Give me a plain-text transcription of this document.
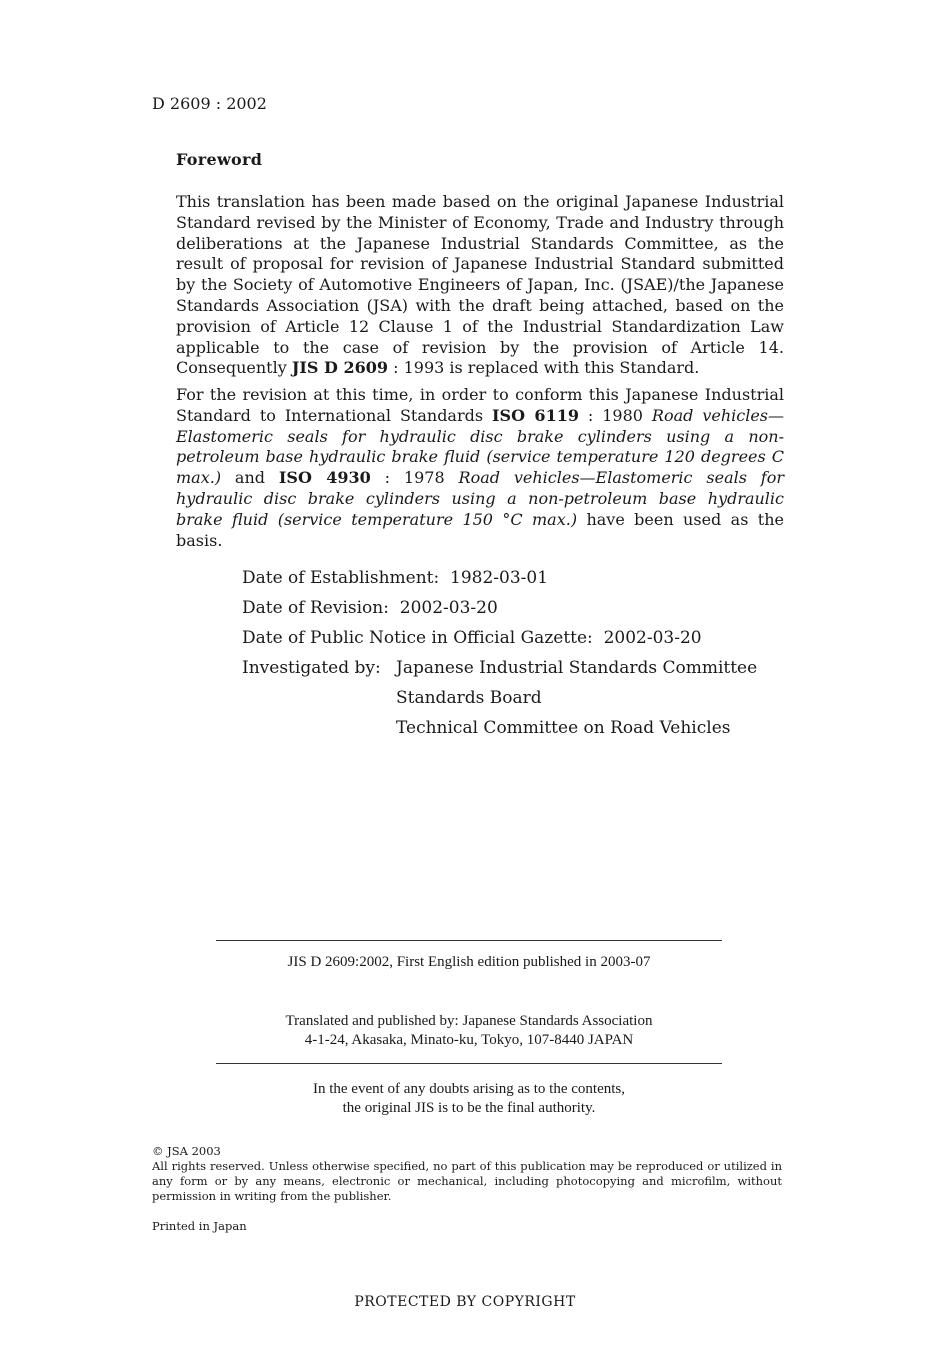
D 2609 : 2002
Foreword
This translation has been made based on the original Japanese Industrial Standard revised by the Minister of Economy, Trade and Industry through deliberations at the Japanese Industrial Standards Committee, as the result of proposal for revision of Japanese Industrial Standard submitted by the Society of Automotive Engineers of Japan, Inc. (JSAE)/the Japanese Standards Association (JSA) with the draft being attached, based on the provision of Article 12 Clause 1 of the Industrial Standardization Law applicable to the case of revision by the provision of Article 14. Consequently JIS D 2609 : 1993 is replaced with this Standard.
For the revision at this time, in order to conform this Japanese Industrial Standard to International Standards ISO 6119 : 1980 Road vehicles—Elastomeric seals for hydraulic disc brake cylinders using a non-petroleum base hydraulic brake fluid (service temperature 120 degrees C max.) and ISO 4930 : 1978 Road vehicles—Elastomeric seals for hydraulic disc brake cylinders using a non-petroleum base hydraulic brake fluid (service temperature 150 °C max.) have been used as the basis.
Date of Establishment: 1982-03-01
Date of Revision: 2002-03-20
Date of Public Notice in Official Gazette: 2002-03-20
Investigated by: Japanese Industrial Standards Committee
Standards Board
Technical Committee on Road Vehicles
JIS D 2609:2002, First English edition published in 2003-07
Translated and published by: Japanese Standards Association
4-1-24, Akasaka, Minato-ku, Tokyo, 107-8440 JAPAN
In the event of any doubts arising as to the contents,
the original JIS is to be the final authority.
© JSA 2003
All rights reserved. Unless otherwise specified, no part of this publication may be reproduced or utilized in any form or by any means, electronic or mechanical, including photocopying and microfilm, without permission in writing from the publisher.
Printed in Japan
PROTECTED BY COPYRIGHT
